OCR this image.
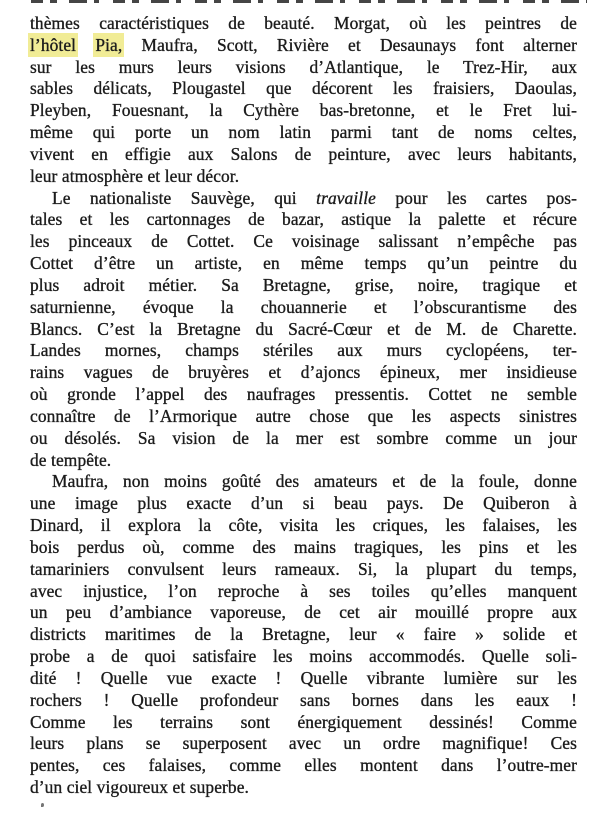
thèmes caractéristiques de beauté. Morgat, où les peintres de
l’hôtel Pia, Maufra, Scott, Rivière et Desaunays font alterner
sur les murs leurs visions d’Atlantique, le Trez-Hir, aux
sables délicats, Plougastel que décorent les fraisiers, Daoulas,
Pleyben, Fouesnant, la Cythère bas-bretonne, et le Fret lui-
même qui porte un nom latin parmi tant de noms celtes,
vivent en effigie aux Salons de peinture, avec leurs habitants,
leur atmosphère et leur décor.
Le nationaliste Sauvège, qui travaille pour les cartes pos-
tales et les cartonnages de bazar, astique la palette et récure
les pinceaux de Cottet. Ce voisinage salissant n’empêche pas
Cottet d’être un artiste, en même temps qu’un peintre du
plus adroit métier. Sa Bretagne, grise, noire, tragique et
saturnienne, évoque la chouannerie et l’obscurantisme des
Blancs. C’est la Bretagne du Sacré-Cœur et de M. de Charette.
Landes mornes, champs stériles aux murs cyclopéens, ter-
rains vagues de bruyères et d’ajoncs épineux, mer insidieuse
où gronde l’appel des naufrages pressentis. Cottet ne semble
connaître de l’Armorique autre chose que les aspects sinistres
ou désolés. Sa vision de la mer est sombre comme un jour
de tempête.
Maufra, non moins goûté des amateurs et de la foule, donne
une image plus exacte d’un si beau pays. De Quiberon à
Dinard, il explora la côte, visita les criques, les falaises, les
bois perdus où, comme des mains tragiques, les pins et les
tamariniers convulsent leurs rameaux. Si, la plupart du temps,
avec injustice, l’on reproche à ses toiles qu’elles manquent
un peu d’ambiance vaporeuse, de cet air mouillé propre aux
districts maritimes de la Bretagne, leur « faire » solide et
probe a de quoi satisfaire les moins accommodés. Quelle soli-
dité ! Quelle vue exacte ! Quelle vibrante lumière sur les
rochers ! Quelle profondeur sans bornes dans les eaux !
Comme les terrains sont énergiquement dessinés! Comme
leurs plans se superposent avec un ordre magnifique! Ces
pentes, ces falaises, comme elles montent dans l’outre-mer
d’un ciel vigoureux et superbe.
